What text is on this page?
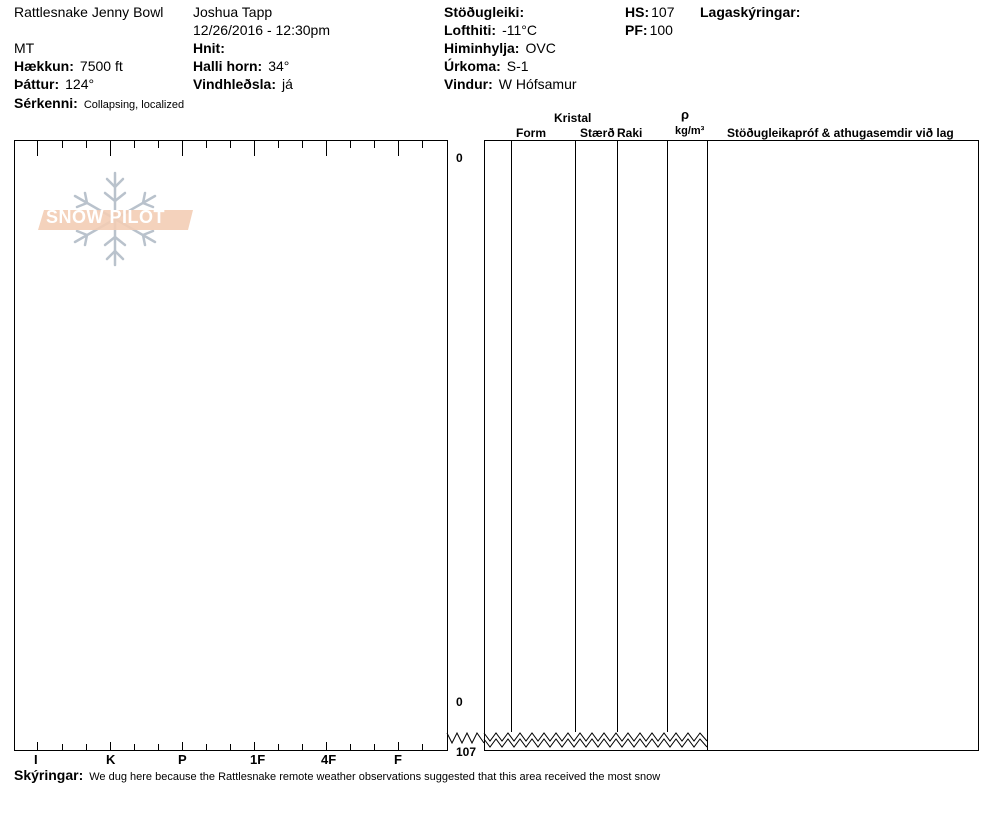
Rattlesnake Jenny Bowl Joshua Tapp
12/26/2016 - 12:30pm
MT	Hnit:
Hækkun: 7500 ft	Halli horn: 34°
Þáttur: 124°	Vindhleðsla: já
Sérkenni: Collapsing, localized
Stöðugleiki:
Lofthiti: -11°C
Himinhylja: OVC
Úrkoma: S-1
Vindur: W Hófsamur
HS: 107
PF: 100
Lagaskýringar:
Kristal
Form	Stærð Raki
ρ
kg/m³ Stöðugleikapróf & athugasemdir við lag
SNOW PILOT
0
0
107
I	K	P	1F	4F	F
Skýringar: We dug here because the Rattlesnake remote weather observations suggested that this area received the most snow
